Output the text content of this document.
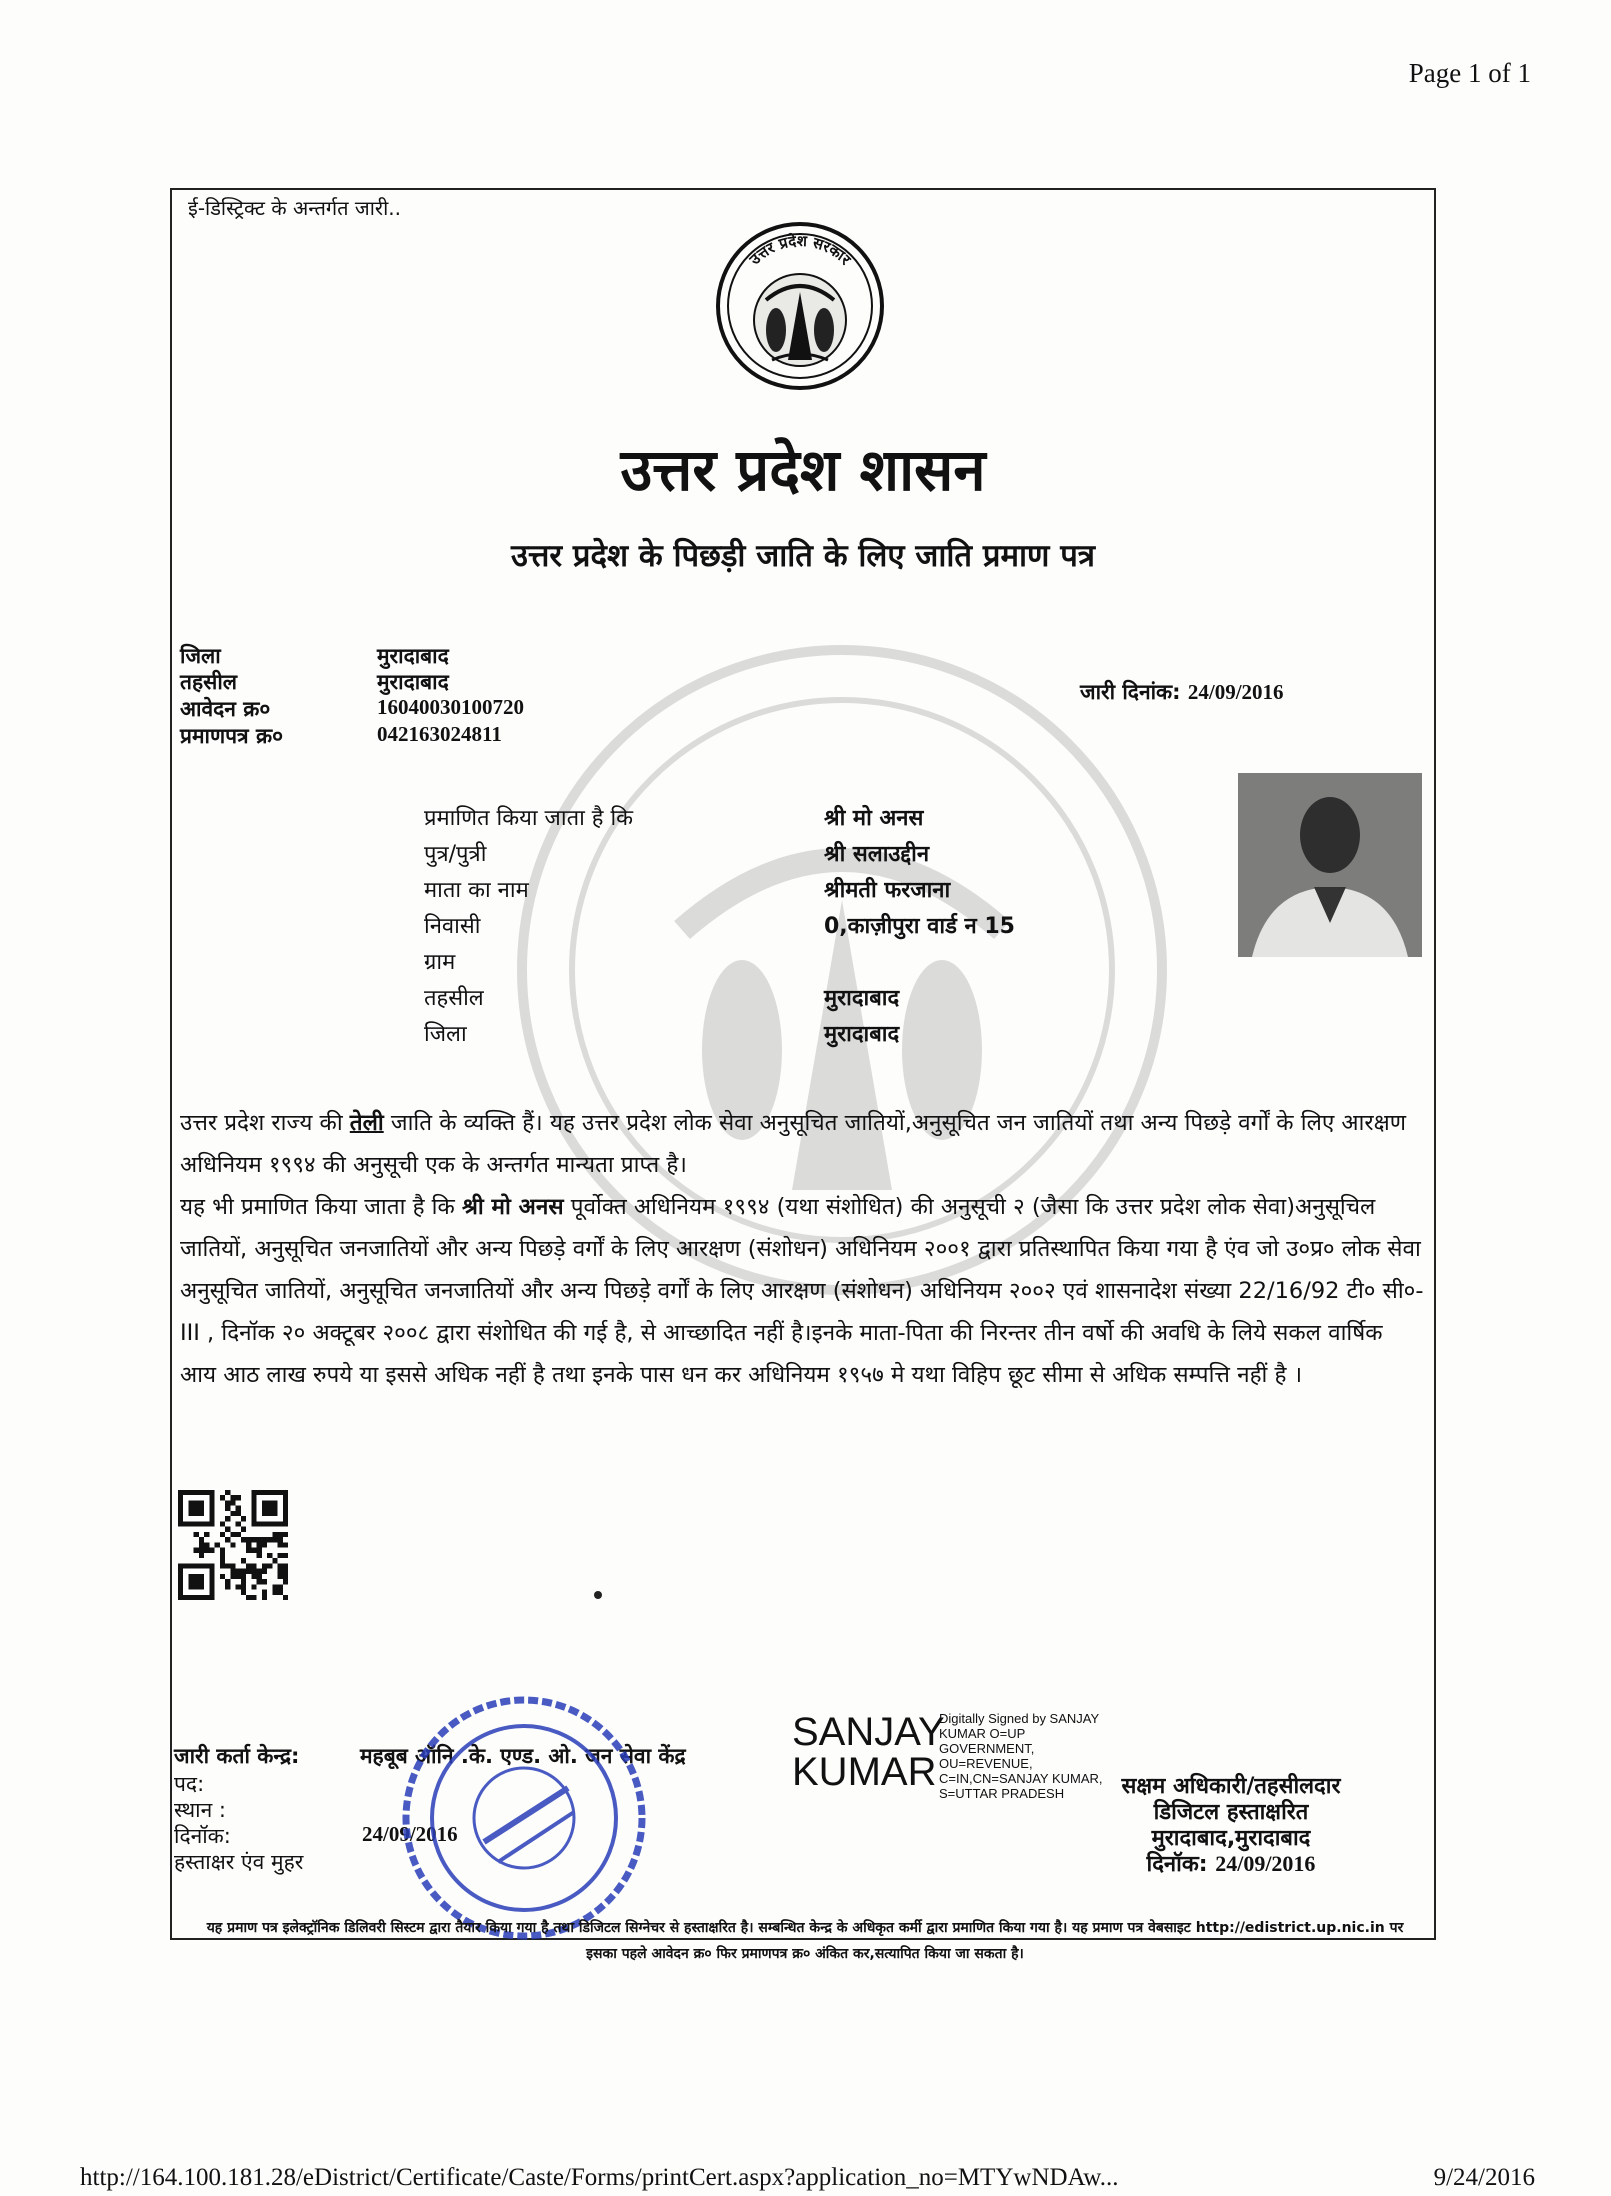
Page 1 of 1
ई-डिस्ट्रिक्ट के अन्तर्गत जारी..
उत्तर प्रदेश सरकार
उत्तर प्रदेश शासन
उत्तर प्रदेश के पिछड़ी जाति के लिए जाति प्रमाण पत्र
जिला	मुरादाबाद
तहसील	मुरादाबाद
आवेदन क्र०	16040030100720
प्रमाणपत्र क्र०	042163024811
जारी दिनांक: 24/09/2016
प्रमाणित किया जाता है कि	श्री मो अनस
पुत्र/पुत्री	श्री सलाउद्दीन
माता का नाम	श्रीमती फरजाना
निवासी	0,काज़ीपुरा वार्ड न 15
ग्राम
तहसील	मुरादाबाद
जिला	मुरादाबाद

उत्तर प्रदेश राज्य की तेली जाति के व्यक्ति हैं। यह उत्तर प्रदेश लोक सेवा अनुसूचित जातियों,अनुसूचित जन जातियों तथा अन्य पिछड़े वर्गों के लिए आरक्षण अधिनियम १९९४ की अनुसूची एक के अन्तर्गत मान्यता प्राप्त है।

यह भी प्रमाणित किया जाता है कि श्री मो अनस पूर्वोक्त अधिनियम १९९४ (यथा संशोधित) की अनुसूची २ (जैसा कि उत्तर प्रदेश लोक सेवा)अनुसूचिल जातियों, अनुसूचित जनजातियों और अन्य पिछड़े वर्गों के लिए आरक्षण (संशोधन) अधिनियम २००१ द्वारा प्रतिस्थापित किया गया है एंव जो उ०प्र० लोक सेवा अनुसूचित जातियों, अनुसूचित जनजातियों और अन्य पिछड़े वर्गों के लिए आरक्षण (संशोधन) अधिनियम २००२ एवं शासनादेश संख्या 22/16/92 टी० सी०-III , दिनॉक २० अक्टूबर २००८ द्वारा संशोधित की गई है, से आच्छादित नहीं है।इनके माता-पिता की निरन्तर तीन वर्षो की अवधि के लिये सकल वार्षिक आय आठ लाख रुपये या इससे अधिक नहीं है तथा इनके पास धन कर अधिनियम १९५७ मे यथा विहिप छूट सीमा से अधिक सम्पत्ति नहीं है ।

जारी कर्ता केन्द्र:	महबूब ऑनि .के. एण्ड. ओ. जन सेवा केंद्र
पद:
स्थान :
दिनॉक:	24/09/2016
हस्ताक्षर एंव मुहर
SANJAY
KUMAR
Digitally Signed by SANJAY KUMAR O=UP GOVERNMENT, OU=REVENUE, C=IN,CN=SANJAY KUMAR, S=UTTAR PRADESH	सक्षम अधिकारी/तहसीलदार
डिजिटल हस्ताक्षरित
मुरादाबाद,मुरादाबाद
दिनॉक: 24/09/2016
यह प्रमाण पत्र इलेक्ट्रॉनिक डिलिवरी सिस्टम द्वारा तैयार किया गया है तथा डिजिटल सिग्नेचर से हस्ताक्षरित है। सम्बन्धित केन्द्र के अधिकृत कर्मी द्वारा प्रमाणित किया गया है। यह प्रमाण पत्र वेबसाइट http://edistrict.up.nic.in पर इसका पहले आवेदन क्र० फिर प्रमाणपत्र क्र० अंकित कर,सत्यापित किया जा सकता है।
http://164.100.181.28/eDistrict/Certificate/Caste/Forms/printCert.aspx?application_no=MTYwNDAw...	9/24/2016
